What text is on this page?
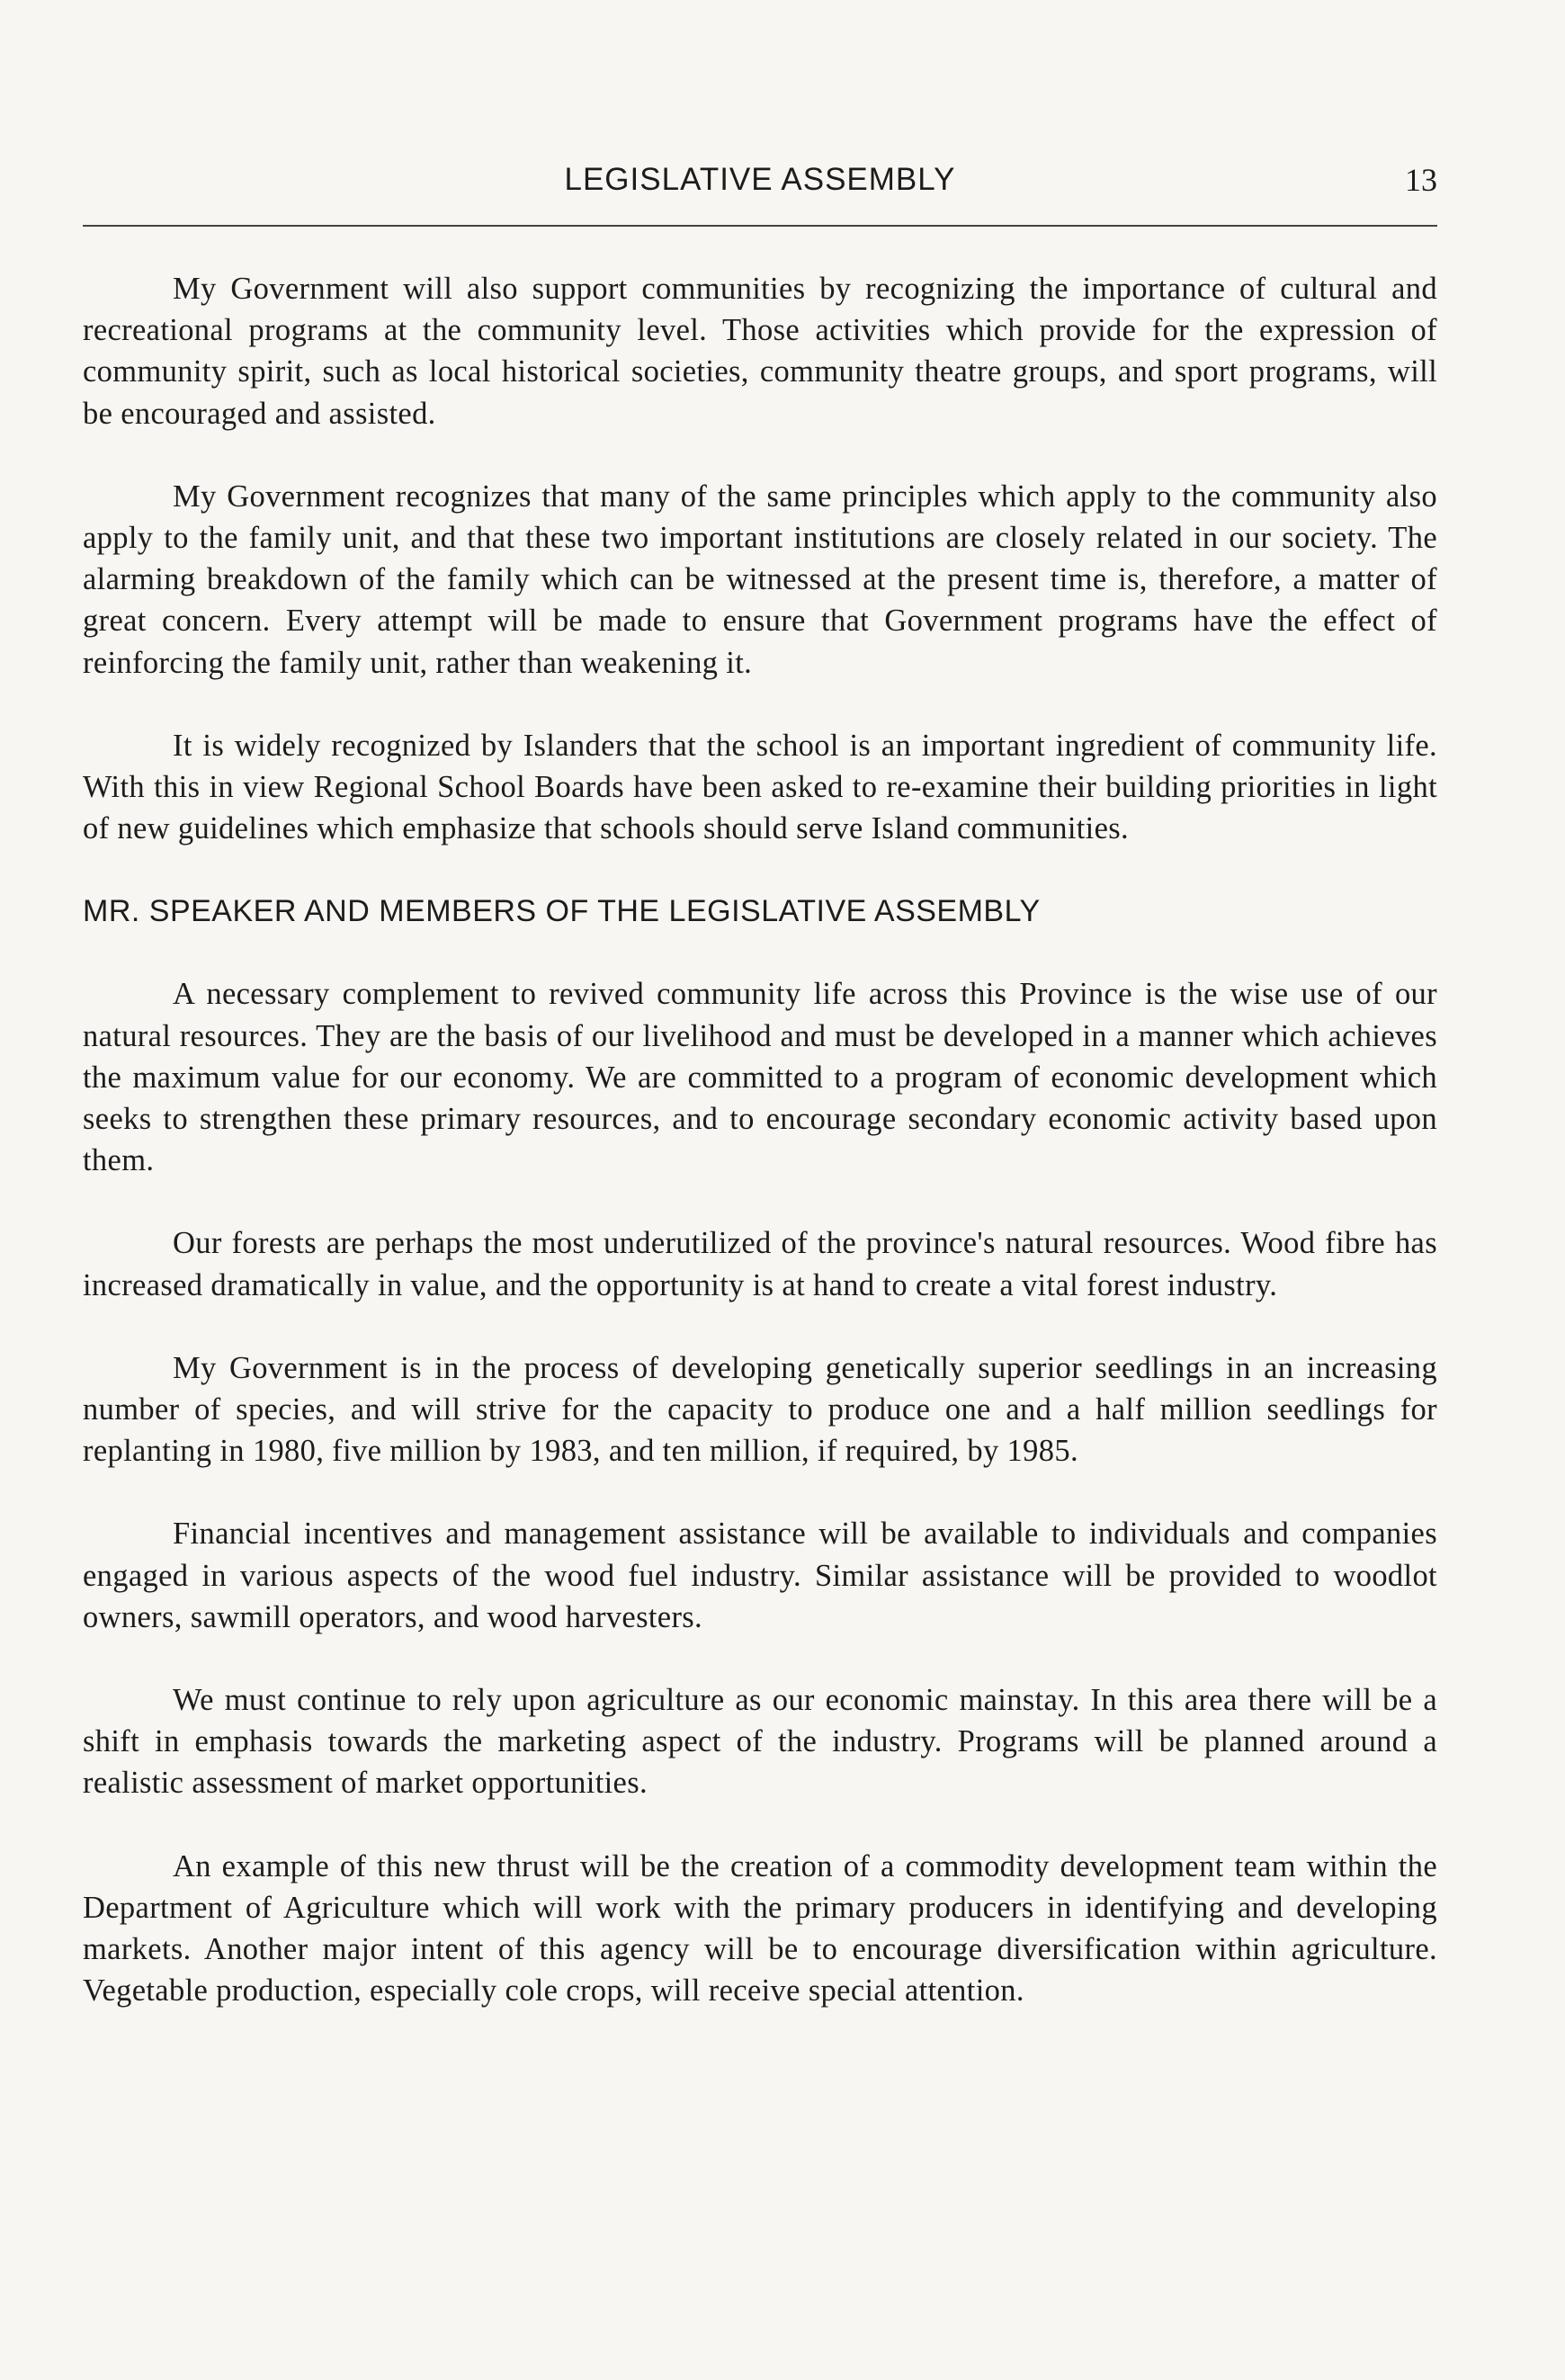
LEGISLATIVE ASSEMBLY	13

My Government will also support communities by recognizing the importance of cultural and recreational programs at the community level. Those activities which provide for the expression of community spirit, such as local historical societies, community theatre groups, and sport programs, will be encouraged and assisted.

My Government recognizes that many of the same principles which apply to the community also apply to the family unit, and that these two important institutions are closely related in our society. The alarming breakdown of the family which can be witnessed at the present time is, therefore, a matter of great concern. Every attempt will be made to ensure that Government programs have the effect of reinforcing the family unit, rather than weakening it.

It is widely recognized by Islanders that the school is an important ingredient of community life. With this in view Regional School Boards have been asked to re-examine their building priorities in light of new guidelines which emphasize that schools should serve Island communities.

MR. SPEAKER AND MEMBERS OF THE LEGISLATIVE ASSEMBLY

A necessary complement to revived community life across this Province is the wise use of our natural resources. They are the basis of our livelihood and must be developed in a manner which achieves the maximum value for our economy. We are committed to a program of economic development which seeks to strengthen these primary resources, and to encourage secondary economic activity based upon them.

Our forests are perhaps the most underutilized of the province's natural resources. Wood fibre has increased dramatically in value, and the opportunity is at hand to create a vital forest industry.

My Government is in the process of developing genetically superior seedlings in an increasing number of species, and will strive for the capacity to produce one and a half million seedlings for replanting in 1980, five million by 1983, and ten million, if required, by 1985.

Financial incentives and management assistance will be available to individuals and companies engaged in various aspects of the wood fuel industry. Similar assistance will be provided to woodlot owners, sawmill operators, and wood harvesters.

We must continue to rely upon agriculture as our economic mainstay. In this area there will be a shift in emphasis towards the marketing aspect of the industry. Programs will be planned around a realistic assessment of market opportunities.

An example of this new thrust will be the creation of a commodity development team within the Department of Agriculture which will work with the primary producers in identifying and developing markets. Another major intent of this agency will be to encourage diversification within agriculture. Vegetable production, especially cole crops, will receive special attention.
